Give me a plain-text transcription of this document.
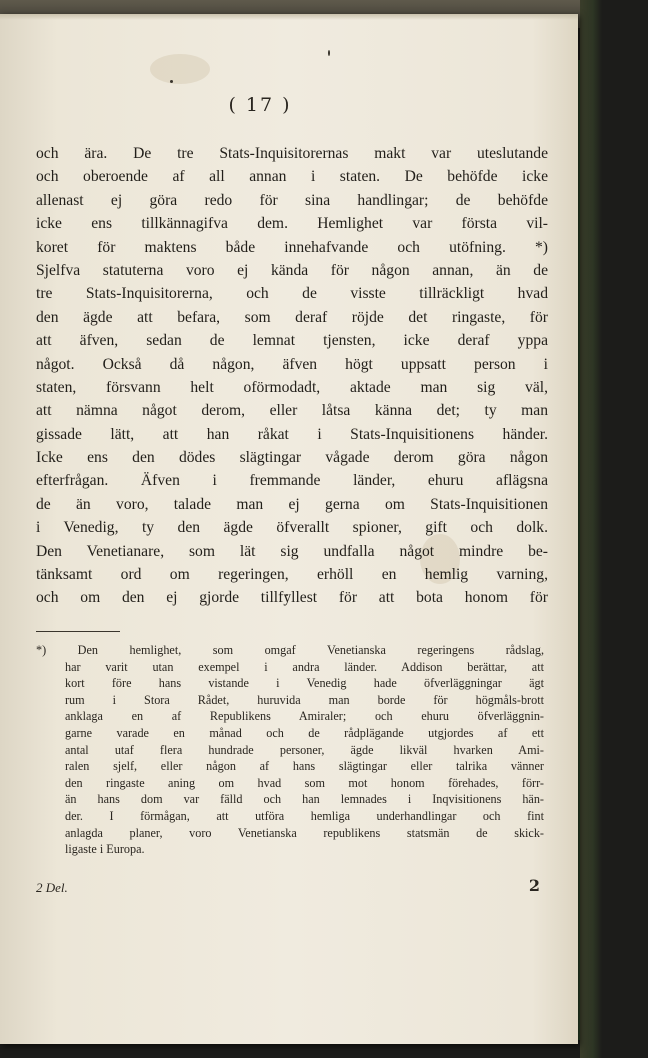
( 17 )
och ära. De tre Stats-Inquisitorernas makt var uteslutande
och oberoende af all annan i staten. De behöfde icke
allenast ej göra redo för sina handlingar; de behöfde
icke ens tillkännagifva dem. Hemlighet var första vil-
koret för maktens både innehafvande och utöfning. *)
Sjelfva statuterna voro ej kända för någon annan, än de
tre Stats-Inquisitorerna, och de visste tillräckligt hvad
den ägde att befara, som deraf röjde det ringaste, för
att äfven, sedan de lemnat tjensten, icke deraf yppa
något. Också då någon, äfven högt uppsatt person i
staten, försvann helt oförmodadt, aktade man sig väl,
att nämna något derom, eller låtsa känna det; ty man
gissade lätt, att han råkat i Stats-Inquisitionens händer.
Icke ens den dödes slägtingar vågade derom göra någon
efterfrågan. Äfven i fremmande länder, ehuru aflägsna
de än voro, talade man ej gerna om Stats-Inquisitionen
i Venedig, ty den ägde öfverallt spioner, gift och dolk.
Den Venetianare, som lät sig undfalla något mindre be-
tänksamt ord om regeringen, erhöll en hemlig varning,
och om den ej gjorde tillfyllest för att bota honom för
*) Den hemlighet, som omgaf Venetianska regeringens rådslag,
har varit utan exempel i andra länder. Addison berättar, att
kort före hans vistande i Venedig hade öfverläggningar ägt
rum i Stora Rådet, huruvida man borde för högmåls-brott
anklaga en af Republikens Amiraler; och ehuru öfverläggnin-
garne varade en månad och de rådplägande utgjordes af ett
antal utaf flera hundrade personer, ägde likväl hvarken Ami-
ralen sjelf, eller någon af hans slägtingar eller talrika vänner
den ringaste aning om hvad som mot honom förehades, förr-
än hans dom var fälld och han lemnades i Inqvisitionens hän-
der. I förmågan, att utföra hemliga underhandlingar och fint
anlagda planer, voro Venetianska republikens statsmän de skick-
ligaste i Europa.
2 Del.	2
